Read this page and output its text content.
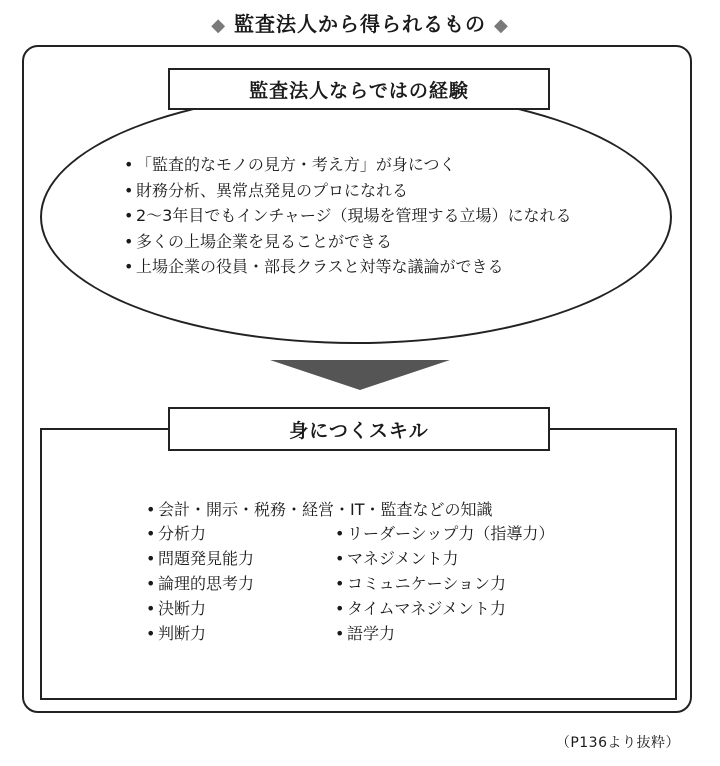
◆ 監査法人から得られるもの ◆
監査法人ならではの経験
• 「監査的なモノの見方・考え方」が身につく
• 財務分析、異常点発見のプロになれる
• 2〜3年目でもインチャージ（現場を管理する立場）になれる
• 多くの上場企業を見ることができる
• 上場企業の役員・部長クラスと対等な議論ができる
身につくスキル
• 会計・開示・税務・経営・IT・監査などの知識
• 分析力
• 問題発見能力
• 論理的思考力
• 決断力
• 判断力
• リーダーシップ力（指導力）
• マネジメント力
• コミュニケーション力
• タイムマネジメント力
• 語学力
（P136より抜粋）
